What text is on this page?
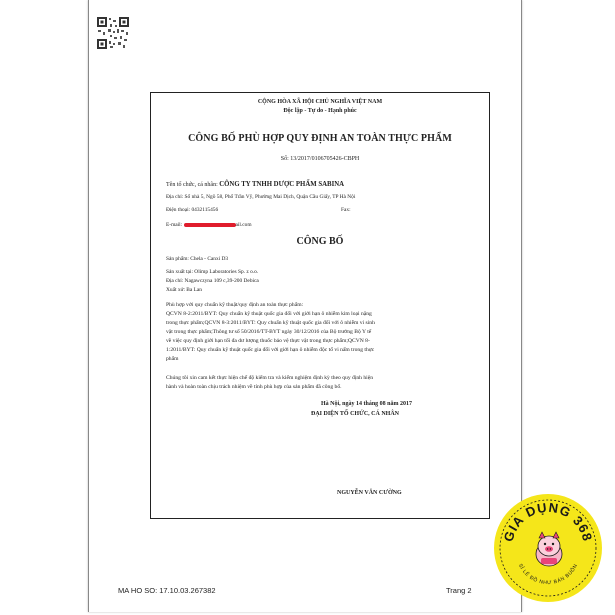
CỘNG HÒA XÃ HỘI CHỦ NGHĨA VIỆT NAM
Độc lập - Tự do - Hạnh phúc
CÔNG BỐ PHÙ HỢP QUY ĐỊNH AN TOÀN THỰC PHẨM
Số: 13/2017/0106705426-CBPH
Tên tổ chức, cá nhân: CÔNG TY TNHH DƯỢC PHẨM SABINA
Địa chỉ: Số nhà 5, Ngõ 58, Phố Trần Vỹ, Phường Mai Dịch, Quận Cầu Giấy, TP Hà Nội
Điện thoại: 0432115456	Fax:
E-mail:	ail.com
CÔNG BỐ
Sản phẩm: Chela - Canxi D3
Sản xuất tại: Olimp Laboratories Sp. z o.o.
Địa chỉ: Nagawczyna 109 c,39-200 Debica
Xuất xứ: Ba Lan
Phù hợp với quy chuẩn kỹ thuật/quy định an toàn thực phẩm:
QCVN 8-2:2011/BYT: Quy chuẩn kỹ thuật quốc gia đối với giới hạn ô nhiễm kim loại nặng
trong thực phẩm;QCVN 8-3:2011/BYT: Quy chuẩn kỹ thuật quốc gia đối với ô nhiễm vi sinh
vật trong thực phẩm;Thông tư số 50/2016/TT-BYT ngày 30/12/2016 của Bộ trưởng Bộ Y tế
về việc quy định giới hạn tối đa dư lượng thuốc bảo vệ thực vật trong thực phẩm;QCVN 8-
1:2011/BYT: Quy chuẩn kỹ thuật quốc gia đối với giới hạn ô nhiễm độc tố vi nấm trong thực
phẩm
Chúng tôi xin cam kết thực hiện chế độ kiểm tra và kiểm nghiệm định kỳ theo quy định hiện
hành và hoàn toàn chịu trách nhiệm về tính phù hợp của sản phẩm đã công bố.
Hà Nội, ngày 14 tháng 08 năm 2017
ĐẠI DIỆN TỔ CHỨC, CÁ NHÂN
NGUYỄN VĂN CƯỜNG
MA HO SO: 17.10.03.267382	Trang 2
GIA DỤNG 368
SỈ LẺ ĐỒ NHƯ BÁN BUÔN
